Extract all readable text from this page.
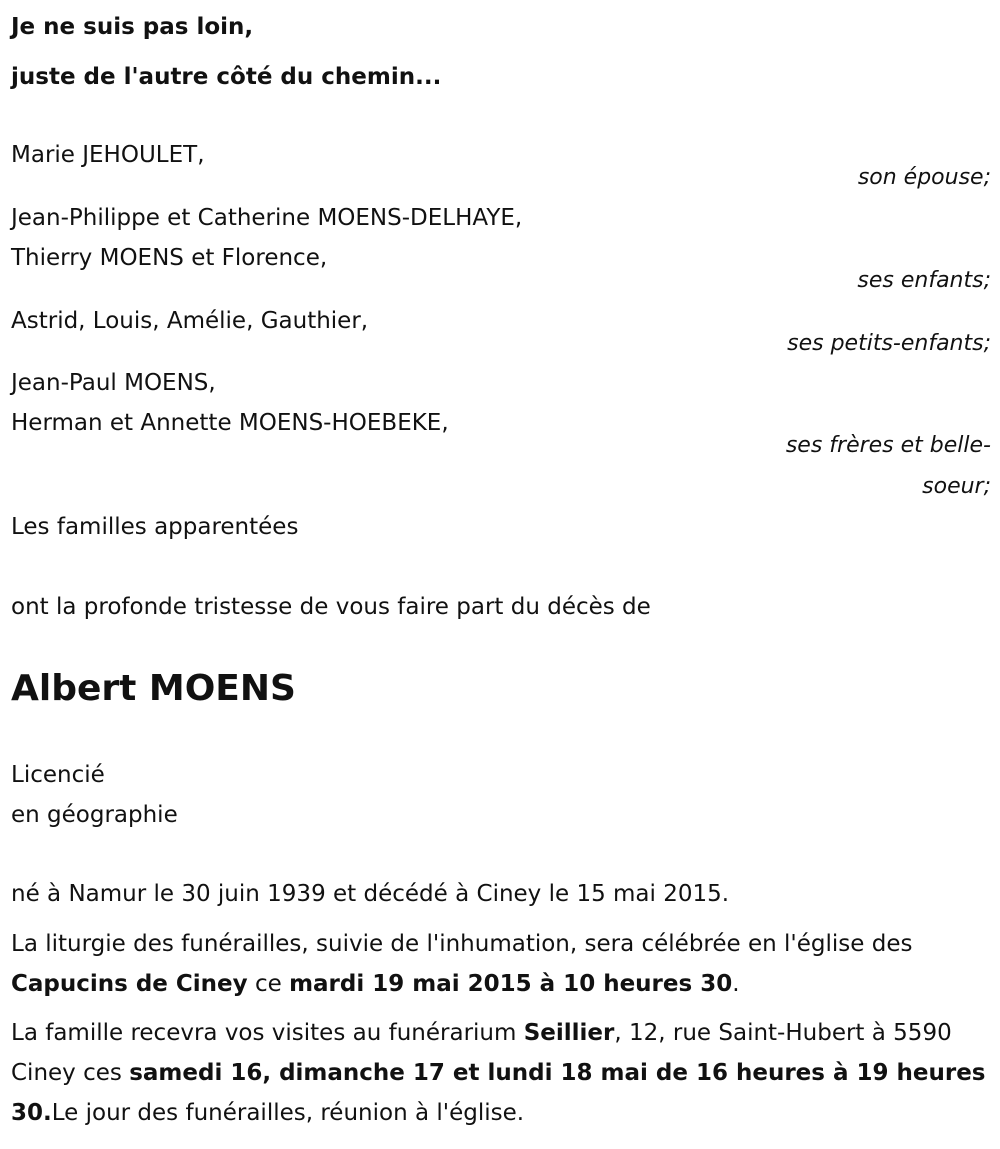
Je ne suis pas loin,
juste de l'autre côté du chemin...
Marie JEHOULET,
son épouse;
Jean-Philippe et Catherine MOENS-DELHAYE,
Thierry MOENS et Florence,
ses enfants;
Astrid, Louis, Amélie, Gauthier,
ses petits-enfants;
Jean-Paul MOENS,
Herman et Annette MOENS-HOEBEKE,
ses frères et belle-
soeur;
Les familles apparentées
ont la profonde tristesse de vous faire part du décès de
Albert MOENS
Licencié
en géographie
né à Namur le 30 juin 1939 et décédé à Ciney le 15 mai 2015.
La liturgie des funérailles, suivie de l'inhumation, sera célébrée en l'église des Capucins de Ciney ce mardi 19 mai 2015 à 10 heures 30.
La famille recevra vos visites au funérarium Seillier, 12, rue Saint-Hubert à 5590 Ciney ces samedi 16, dimanche 17 et lundi 18 mai de 16 heures à 19 heures 30.Le jour des funérailles, réunion à l'église.
